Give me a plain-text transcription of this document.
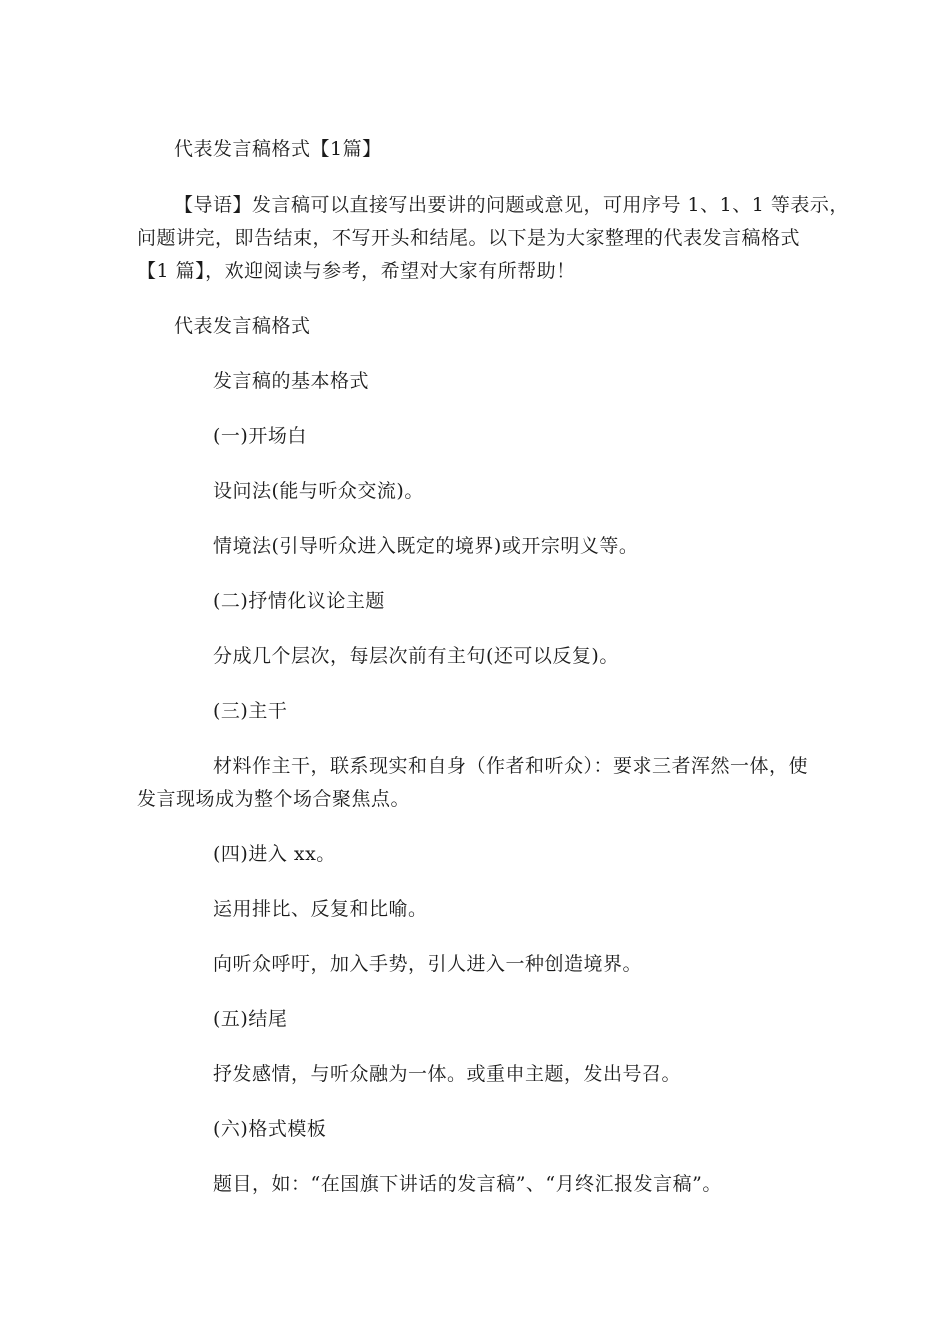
代表发言稿格式【1篇】
【导语】发言稿可以直接写出要讲的问题或意见，可用序号 1、1、1 等表示，
问题讲完，即告结束，不写开头和结尾。以下是为大家整理的代表发言稿格式
【1 篇】，欢迎阅读与参考，希望对大家有所帮助！
代表发言稿格式
发言稿的基本格式
(一)开场白
设问法(能与听众交流)。
情境法(引导听众进入既定的境界)或开宗明义等。
(二)抒情化议论主题
分成几个层次，每层次前有主句(还可以反复)。
(三)主干
材料作主干，联系现实和自身（作者和听众）：要求三者浑然一体，使
发言现场成为整个场合聚焦点。
(四)进入 xx。
运用排比、反复和比喻。
向听众呼吁，加入手势，引人进入一种创造境界。
(五)结尾
抒发感情，与听众融为一体。或重申主题，发出号召。
(六)格式模板
题目，如：“在国旗下讲话的发言稿”、“月终汇报发言稿”。
